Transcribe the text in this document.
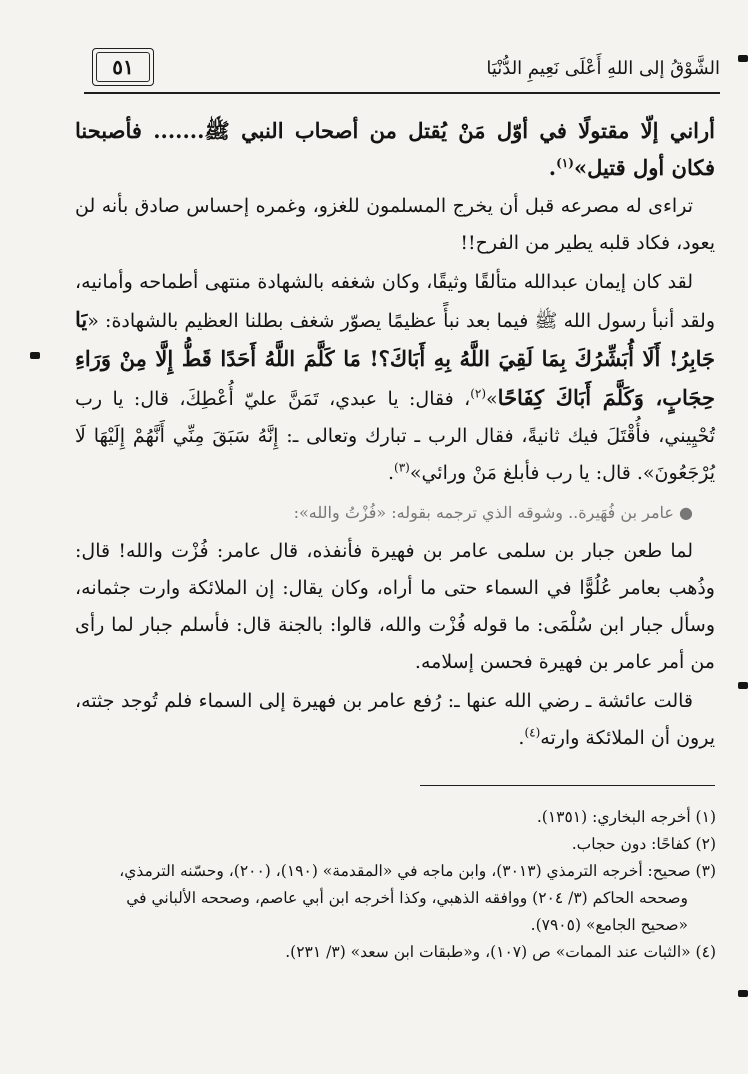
الشَّوْقُ إلى اللهِ أَعْلَى نَعِيمِ الدُّنْيَا
٥١

أراني إلّا مقتولًا في أوّل مَنْ يُقتل من أصحاب النبي ﷺ....... فأصبحنا فكان أول قتيل»$^{(١)}$.

تراءى له مصرعه قبل أن يخرج المسلمون للغزو، وغمره إحساس صادق بأنه لن يعود، فكاد قلبه يطير من الفرح!!

لقد كان إيمان عبدالله متألقًا وثيقًا، وكان شغفه بالشهادة منتهى أطماحه وأمانيه، ولقد أنبأ رسول الله ﷺ فيما بعد نبأً عظيمًا يصوّر شغف بطلنا العظيم بالشهادة: «يَا جَابِرُ! أَلَا أُبَشِّرُكَ بِمَا لَقِيَ اللَّهُ بِهِ أَبَاكَ؟! مَا كَلَّمَ اللَّهُ أَحَدًا قَطُّ إِلَّا مِنْ وَرَاءِ حِجَابٍ، وَكَلَّمَ أَبَاكَ كِفَاحًا»$^{(٢)}$، فقال: يا عبدي، تَمَنَّ عليّ أُعْطِكَ، قال: يا رب تُحْيِيني، فأُقْتَلَ فيك ثانيةً، فقال الرب ـ تبارك وتعالى ـ: إِنَّهُ سَبَقَ مِنِّي أَنَّهُمْ إِلَيْهَا لَا يُرْجَعُونَ». قال: يا رب فأبلغ مَنْ ورائي»$^{(٣)}$.

● عامر بن فُهَيرة.. وشوقه الذي ترجمه بقوله: «فُزْتُ والله»:

لما طعن جبار بن سلمى عامر بن فهيرة فأنفذه، قال عامر: فُزْت والله! قال: وذُهب بعامر عُلُوًّا في السماء حتى ما أراه، وكان يقال: إن الملائكة وارت جثمانه، وسأل جبار ابن سُلْمَى: ما قوله فُزْت والله، قالوا: بالجنة قال: فأسلم جبار لما رأى من أمر عامر بن فهيرة فحسن إسلامه.

قالت عائشة ـ رضي الله عنها ـ: رُفع عامر بن فهيرة إلى السماء فلم تُوجد جثته، يرون أن الملائكة وارته$^{(٤)}$.

(١) أخرجه البخاري: (١٣٥١).

(٢) كفاحًا: دون حجاب.

(٣) صحيح: أخرجه الترمذي (٣٠١٣)، وابن ماجه في «المقدمة» (١٩٠)، (٢٠٠)، وحسّنه الترمذي، وصححه الحاكم (٣/ ٢٠٤) ووافقه الذهبي، وكذا أخرجه ابن أبي عاصم، وصححه الألباني في «صحيح الجامع» (٧٩٠٥).

(٤) «الثبات عند الممات» ص (١٠٧)، و«طبقات ابن سعد» (٣/ ٢٣١).
